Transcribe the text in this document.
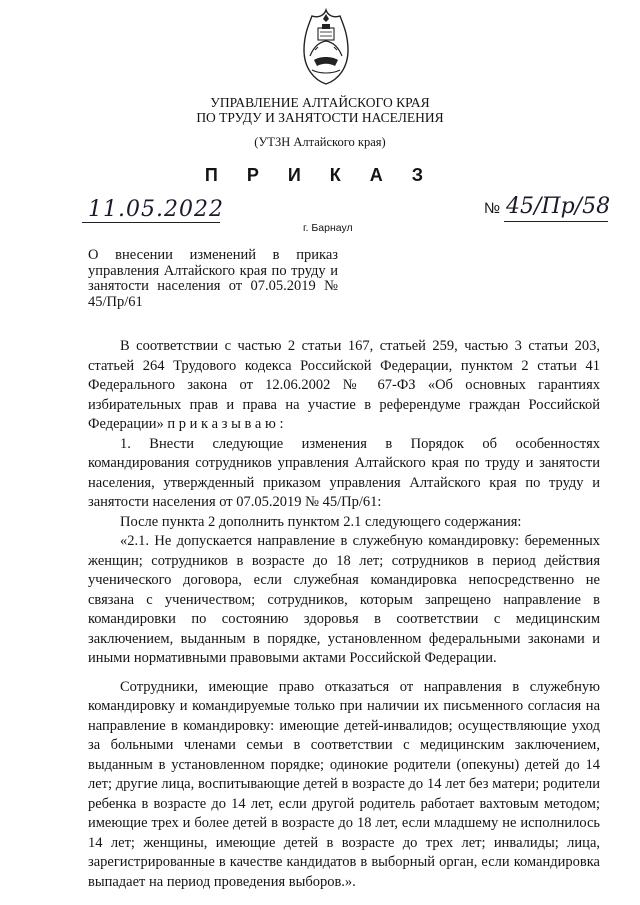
УПРАВЛЕНИЕ АЛТАЙСКОГО КРАЯ
ПО ТРУДУ И ЗАНЯТОСТИ НАСЕЛЕНИЯ
(УТЗН Алтайского края)
П Р И К А З
11.05.2022
г. Барнаул
№ 45/Пр/58
О внесении изменений в приказ управления Алтайского края по труду и занятости населения от 07.05.2019 № 45/Пр/61

В соответствии с частью 2 статьи 167, статьей 259, частью 3 статьи 203, статьей 264 Трудового кодекса Российской Федерации, пунктом 2 статьи 41 Федерального закона от 12.06.2002 № 67-ФЗ «Об основных гарантиях избирательных прав и права на участие в референдуме граждан Российской Федерации» п р и к а з ы в а ю :

1. Внести следующие изменения в Порядок об особенностях командирования сотрудников управления Алтайского края по труду и занятости населения, утвержденный приказом управления Алтайского края по труду и занятости населения от 07.05.2019 № 45/Пр/61:

После пункта 2 дополнить пунктом 2.1 следующего содержания:

«2.1. Не допускается направление в служебную командировку: беременных женщин; сотрудников в возрасте до 18 лет; сотрудников в период действия ученического договора, если служебная командировка непосредственно не связана с ученичеством; сотрудников, которым запрещено направление в командировки по состоянию здоровья в соответствии с медицинским заключением, выданным в порядке, установленном федеральными законами и иными нормативными правовыми актами Российской Федерации.

Сотрудники, имеющие право отказаться от направления в служебную командировку и командируемые только при наличии их письменного согласия на направление в командировку: имеющие детей-инвалидов; осуществляющие уход за больными членами семьи в соответствии с медицинским заключением, выданным в установленном порядке; одинокие родители (опекуны) детей до 14 лет; другие лица, воспитывающие детей в возрасте до 14 лет без матери; родители ребенка в возрасте до 14 лет, если другой родитель работает вахтовым методом; имеющие трех и более детей в возрасте до 18 лет, если младшему не исполнилось 14 лет; женщины, имеющие детей в возрасте до трех лет; инвалиды; лица, зарегистрированные в качестве кандидатов в выборный орган, если командировка выпадает на период проведения выборов.».
